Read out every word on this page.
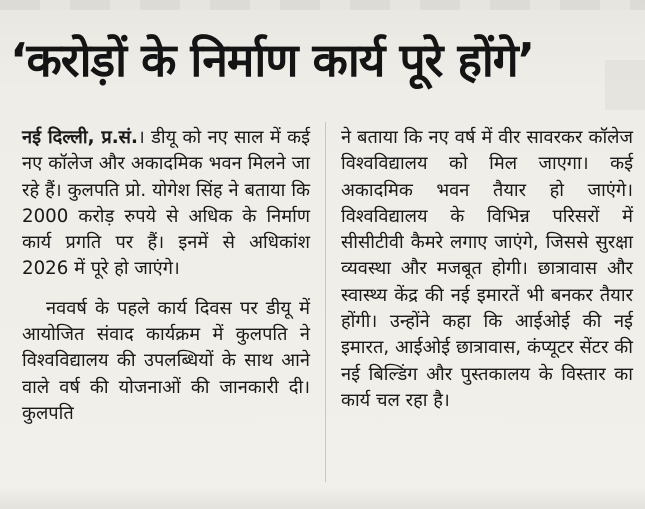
‘करोड़ों के निर्माण कार्य पूरे होंगे’

नई दिल्ली, प्र.सं.। डीयू को नए साल में कई नए कॉलेज और अकादमिक भवन मिलने जा रहे हैं। कुलपति प्रो. योगेश सिंह ने बताया कि 2000 करोड़ रुपये से अधिक के निर्माण कार्य प्रगति पर हैं। इनमें से अधिकांश 2026 में पूरे हो जाएंगे।

नववर्ष के पहले कार्य दिवस पर डीयू में आयोजित संवाद कार्यक्रम में कुलपति ने विश्वविद्यालय की उपलब्धियों के साथ आने वाले वर्ष की योजनाओं की जानकारी दी। कुलपति

ने बताया कि नए वर्ष में वीर सावरकर कॉलेज विश्वविद्यालय को मिल जाएगा। कई अकादमिक भवन तैयार हो जाएंगे। विश्वविद्यालय के विभिन्न परिसरों में सीसीटीवी कैमरे लगाए जाएंगे, जिससे सुरक्षा व्यवस्था और मजबूत होगी। छात्रावास और स्वास्थ्य केंद्र की नई इमारतें भी बनकर तैयार होंगी। उन्होंने कहा कि आईओई की नई इमारत, आईओई छात्रावास, कंप्यूटर सेंटर की नई बिल्डिंग और पुस्तकालय के विस्तार का कार्य चल रहा है।
